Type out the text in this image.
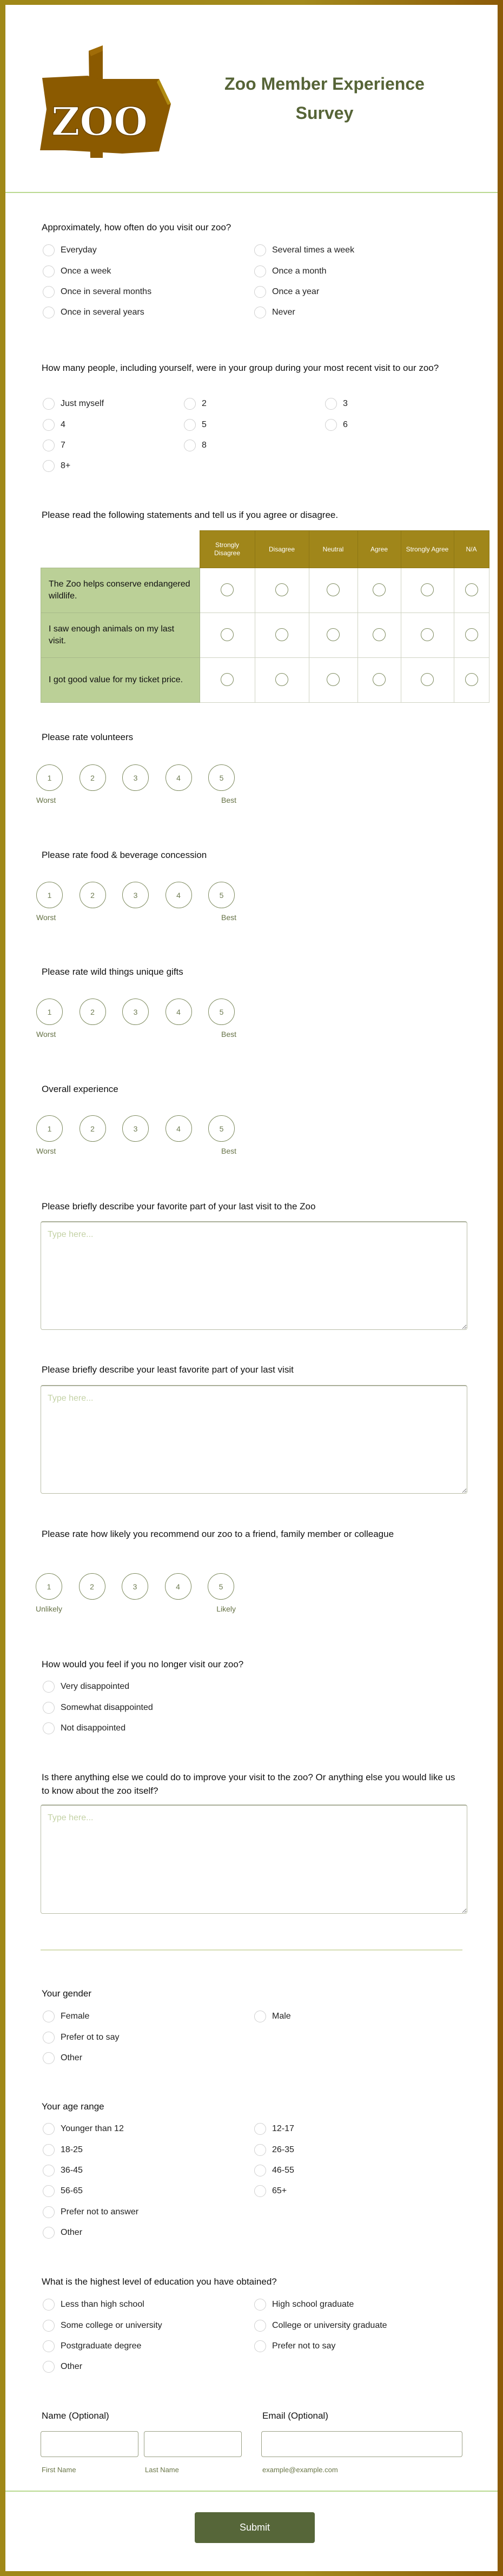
ZOO
Zoo Member Experience
Survey
Approximately, how often do you visit our zoo?
Everyday	Several times a week
Once a week	Once a month
Once in several months	Once a year
Once in several years	Never
How many people, including yourself, were in your group during your most recent visit to our zoo?
Just myself	2	3
4	5	6
7	8
8+
Please read the following statements and tell us if you agree or disagree.
	Strongly Disagree	Disagree	Neutral	Agree	Strongly Agree	N/A
The Zoo helps conserve endangered wildlife.						
I saw enough animals on my last visit.						
I got good value for my ticket price.						
Please rate volunteers
1	2	3	4	5
Worst	Best
Please rate food & beverage concession
1	2	3	4	5
Worst	Best
Please rate wild things unique gifts
1	2	3	4	5
Worst	Best
Overall experience
1	2	3	4	5
Worst	Best
Please briefly describe your favorite part of your last visit to the Zoo
Type here...
Please briefly describe your least favorite part of your last visit
Type here...
Please rate how likely you recommend our zoo to a friend, family member or colleague
1	2	3	4	5
Unlikely	Likely
How would you feel if you no longer visit our zoo?
Very disappointed
Somewhat disappointed
Not disappointed
Is there anything else we could do to improve your visit to the zoo? Or anything else you would like us to know about the zoo itself?
Type here...
Your gender
Female	Male
Prefer ot to say
Other
Your age range
Younger than 12	12-17
18-25	26-35
36-45	46-55
56-65	65+
Prefer not to answer
Other
What is the highest level of education you have obtained?
Less than high school	High school graduate
Some college or university	College or university graduate
Postgraduate degree	Prefer not to say
Other
Name (Optional)
First Name	Last Name
Email (Optional)
example@example.com
Submit
